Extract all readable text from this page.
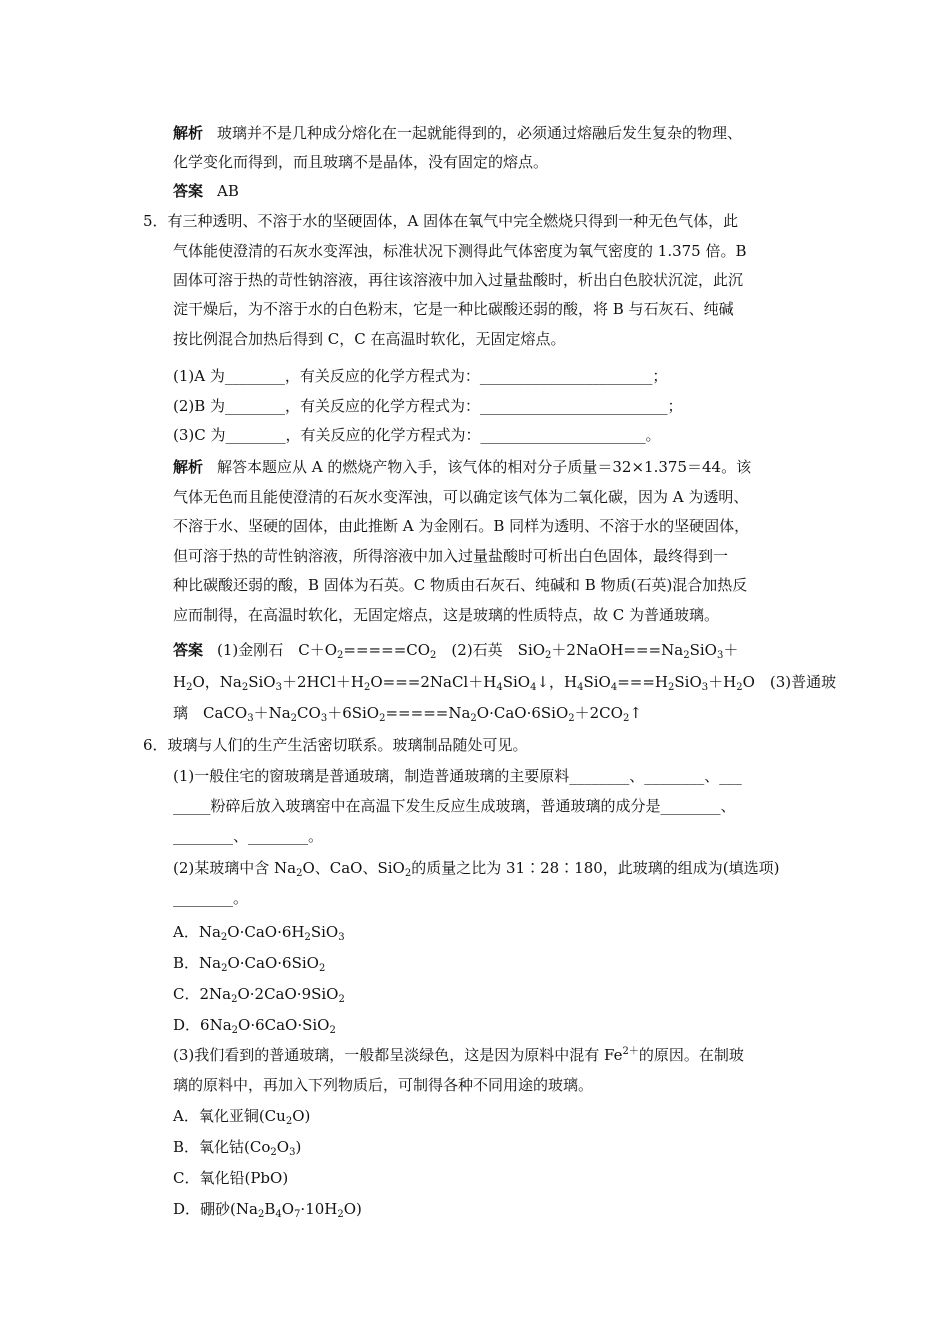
解析 玻璃并不是几种成分熔化在一起就能得到的，必须通过熔融后发生复杂的物理、
化学变化而得到，而且玻璃不是晶体，没有固定的熔点。
答案 AB
5．有三种透明、不溶于水的坚硬固体，A 固体在氧气中完全燃烧只得到一种无色气体，此
气体能使澄清的石灰水变浑浊，标准状况下测得此气体密度为氧气密度的 1.375 倍。B
固体可溶于热的苛性钠溶液，再往该溶液中加入过量盐酸时，析出白色胶状沉淀，此沉
淀干燥后，为不溶于水的白色粉末，它是一种比碳酸还弱的酸，将 B 与石灰石、纯碱
按比例混合加热后得到 C，C 在高温时软化，无固定熔点。
(1)A 为________，有关反应的化学方程式为：_______________________；
(2)B 为________，有关反应的化学方程式为：_________________________；
(3)C 为________，有关反应的化学方程式为：______________________。
解析 解答本题应从 A 的燃烧产物入手，该气体的相对分子质量＝32×1.375＝44。该
气体无色而且能使澄清的石灰水变浑浊，可以确定该气体为二氧化碳，因为 A 为透明、
不溶于水、坚硬的固体，由此推断 A 为金刚石。B 同样为透明、不溶于水的坚硬固体，
但可溶于热的苛性钠溶液，所得溶液中加入过量盐酸时可析出白色固体，最终得到一
种比碳酸还弱的酸，B 固体为石英。C 物质由石灰石、纯碱和 B 物质(石英)混合加热反
应而制得，在高温时软化，无固定熔点，这是玻璃的性质特点，故 C 为普通玻璃。
答案 (1)金刚石　$C+O_2=====CO_2$　(2)石英　$SiO_2+2NaOH===Na_2SiO_3+$
$H_2O$，$Na_2SiO_3+2HCl+H_2O===2NaCl+H_4SiO_4↓$，$H_4SiO_4===H_2SiO_3+H_2O$　(3)普通玻
璃　$CaCO_3+Na_2CO_3+6SiO_2=====Na_2O\cdot CaO\cdot 6SiO_2+2CO_2↑$
6．玻璃与人们的生产生活密切联系。玻璃制品随处可见。
(1)一般住宅的窗玻璃是普通玻璃，制造普通玻璃的主要原料________、________、___
_____粉碎后放入玻璃窑中在高温下发生反应生成玻璃，普通玻璃的成分是________、
________、________。
(2)某玻璃中含 $Na_2O$、CaO、SiO$_2$的质量之比为 31∶28∶180，此玻璃的组成为(填选项)
________。
A．$Na_2O\cdot CaO\cdot 6H_2SiO_3$
B．$Na_2O\cdot CaO\cdot 6SiO_2$
C．$2Na_2O\cdot 2CaO\cdot 9SiO_2$
D．$6Na_2O\cdot 6CaO\cdot SiO_2$
(3)我们看到的普通玻璃，一般都呈淡绿色，这是因为原料中混有 $Fe^{2+}$的原因。在制玻
璃的原料中，再加入下列物质后，可制得各种不同用途的玻璃。
A．氧化亚铜$(Cu_2O)$
B．氧化钴$(Co_2O_3)$
C．氧化铅(PbO)
D．硼砂$(Na_2B_4O_7\cdot 10H_2O)$
